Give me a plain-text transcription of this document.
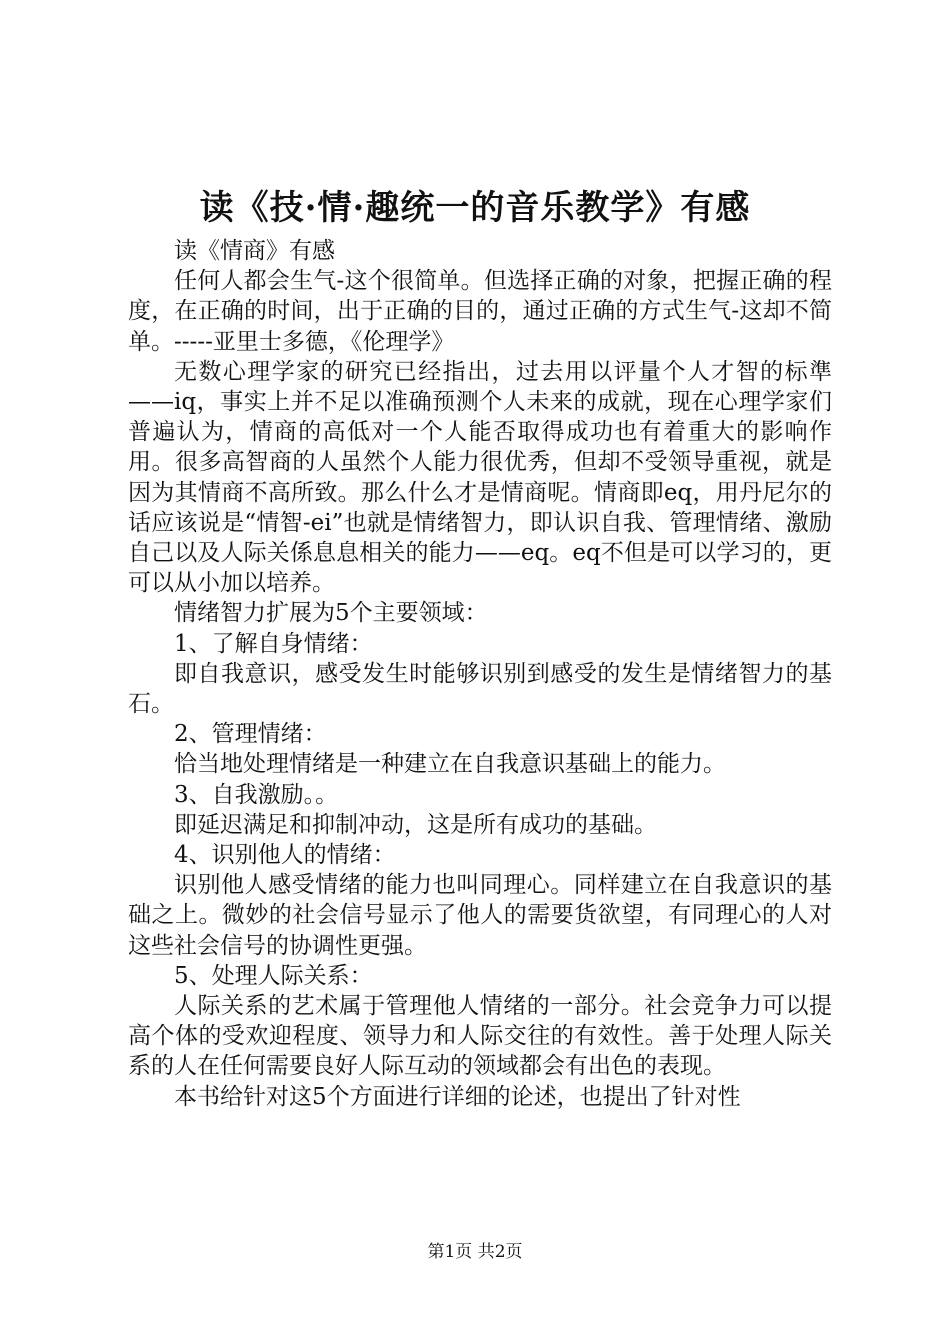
读《技·情·趣统一的音乐教学》有感

读《情商》有感

任何人都会生气-这个很简单。但选择正确的对象，把握正确的程度，在正确的时间，出于正确的目的，通过正确的方式生气-这却不简单。-----亚里士多德，《伦理学》

无数心理学家的研究已经指出，过去用以评量个人才智的标準——iq，事实上并不足以准确预测个人未来的成就，现在心理学家们普遍认为，情商的高低对一个人能否取得成功也有着重大的影响作用。很多高智商的人虽然个人能力很优秀，但却不受领导重视，就是因为其情商不高所致。那么什么才是情商呢。情商即eq，用丹尼尔的话应该说是“情智-ei”也就是情绪智力，即认识自我、管理情绪、激励自己以及人际关係息息相关的能力——eq。eq不但是可以学习的，更可以从小加以培养。

情绪智力扩展为5个主要领域：

1、了解自身情绪：

即自我意识，感受发生时能够识别到感受的发生是情绪智力的基石。

2、管理情绪：

恰当地处理情绪是一种建立在自我意识基础上的能力。

3、自我激励。。

即延迟满足和抑制冲动，这是所有成功的基础。

4、识别他人的情绪：

识别他人感受情绪的能力也叫同理心。同样建立在自我意识的基础之上。微妙的社会信号显示了他人的需要货欲望，有同理心的人对这些社会信号的协调性更强。

5、处理人际关系：

人际关系的艺术属于管理他人情绪的一部分。社会竞争力可以提高个体的受欢迎程度、领导力和人际交往的有效性。善于处理人际关系的人在任何需要良好人际互动的领域都会有出色的表现。

本书给针对这5个方面进行详细的论述，也提出了针对性

第1页 共2页
